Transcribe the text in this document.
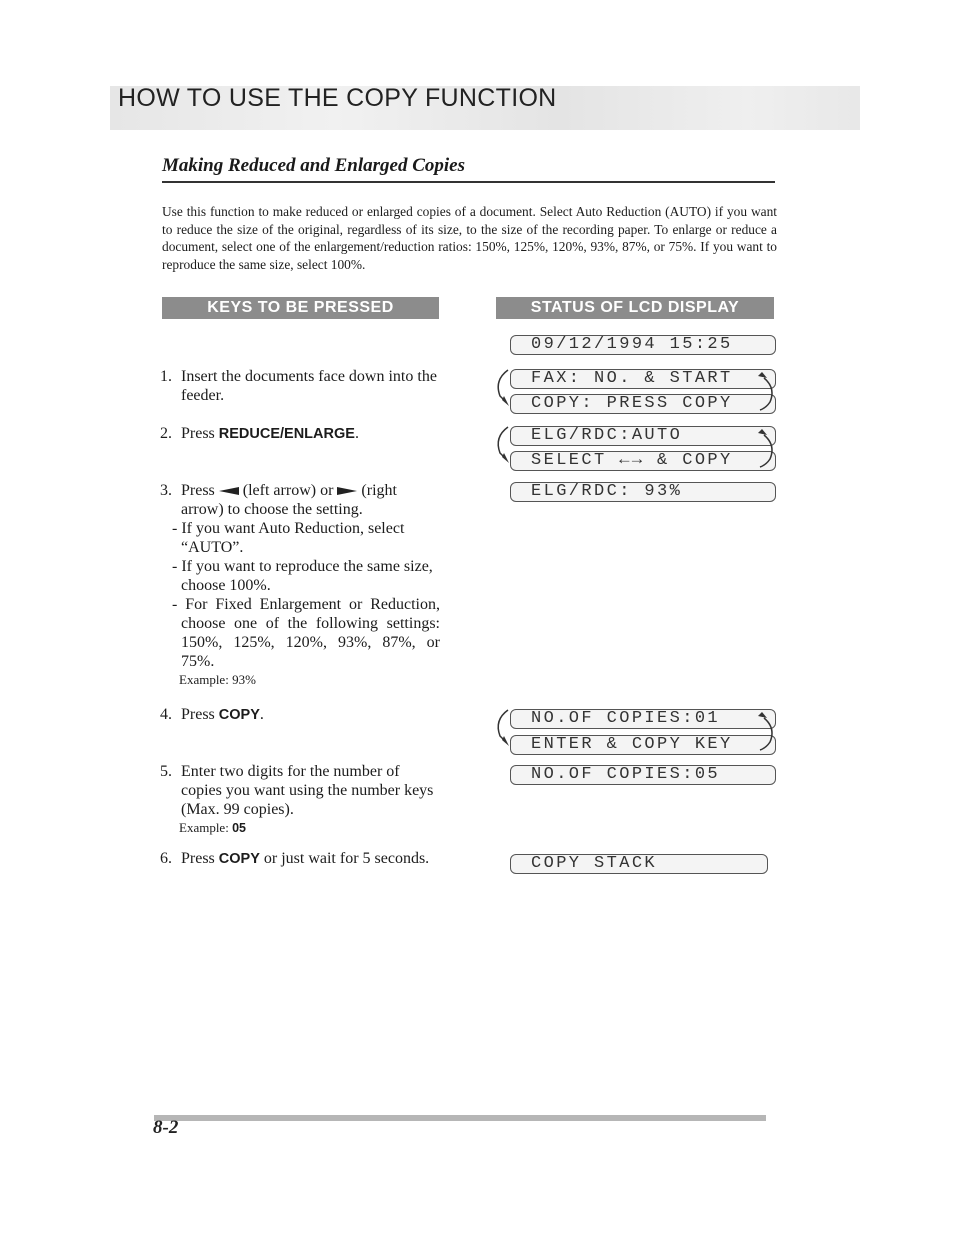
HOW TO USE THE COPY FUNCTION
Making Reduced and Enlarged Copies
Use this function to make reduced or enlarged copies of a document. Select Auto Reduction (AUTO) if you want to reduce the size of the original, regardless of its size, to the size of the recording paper. To enlarge or reduce a document, select one of the enlargement/reduction ratios: 150%, 125%, 120%, 93%, 87%, or 75%. If you want to reproduce the same size, select 100%.
KEYS TO BE PRESSED	STATUS OF LCD DISPLAY
1. Insert the documents face down into the feeder.
2. Press REDUCE/ENLARGE.
3. Press  (left arrow) or  (right arrow) to choose the setting.
- If you want Auto Reduction, select “AUTO”.
- If you want to reproduce the same size, choose 100%.
- For Fixed Enlargement or Reduction, choose one of the following settings: 150%, 125%, 120%, 93%, 87%, or 75%.
Example: 93%
4. Press COPY.
5. Enter two digits for the number of copies you want using the number keys (Max. 99 copies).
Example: 05
6. Press COPY or just wait for 5 seconds.
09/12/1994 15:25
FAX: NO. & START
COPY: PRESS COPY
ELG/RDC:AUTO
SELECT ←→ & COPY
ELG/RDC: 93%
NO.OF COPIES:01
ENTER & COPY KEY
NO.OF COPIES:05
COPY STACK
8-2
